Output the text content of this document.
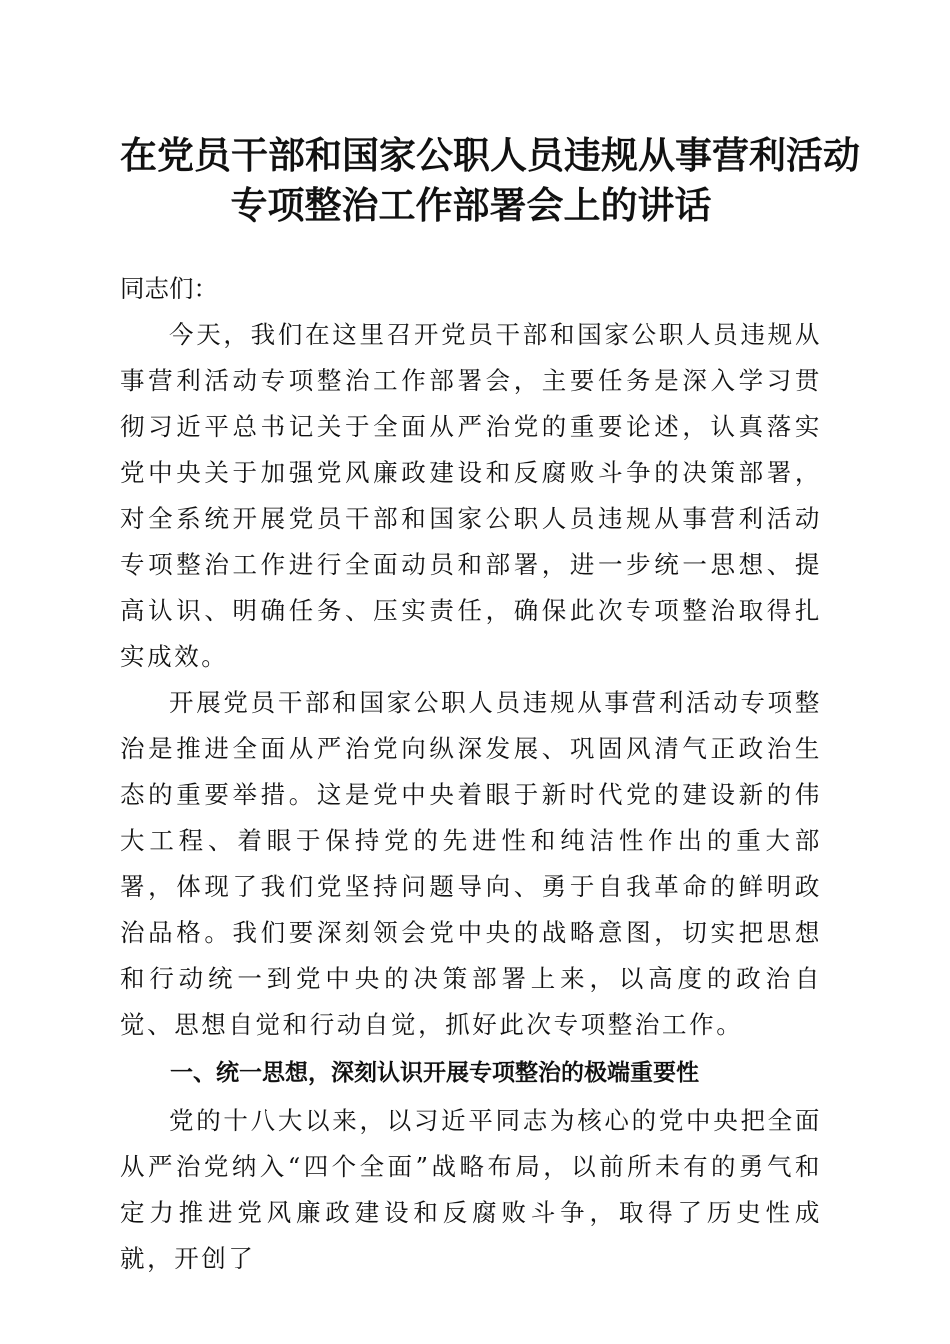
在党员干部和国家公职人员违规从事营利活动
专项整治工作部署会上的讲话

同志们：

今天，我们在这里召开党员干部和国家公职人员违规从事营利活动专项整治工作部署会，主要任务是深入学习贯彻习近平总书记关于全面从严治党的重要论述，认真落实党中央关于加强党风廉政建设和反腐败斗争的决策部署，对全系统开展党员干部和国家公职人员违规从事营利活动专项整治工作进行全面动员和部署，进一步统一思想、提高认识、明确任务、压实责任，确保此次专项整治取得扎实成效。

开展党员干部和国家公职人员违规从事营利活动专项整治是推进全面从严治党向纵深发展、巩固风清气正政治生态的重要举措。这是党中央着眼于新时代党的建设新的伟大工程、着眼于保持党的先进性和纯洁性作出的重大部署，体现了我们党坚持问题导向、勇于自我革命的鲜明政治品格。我们要深刻领会党中央的战略意图，切实把思想和行动统一到党中央的决策部署上来，以高度的政治自觉、思想自觉和行动自觉，抓好此次专项整治工作。

一、统一思想，深刻认识开展专项整治的极端重要性

党的十八大以来，以习近平同志为核心的党中央把全面从严治党纳入“四个全面”战略布局，以前所未有的勇气和定力推进党风廉政建设和反腐败斗争，取得了历史性成就，开创了
